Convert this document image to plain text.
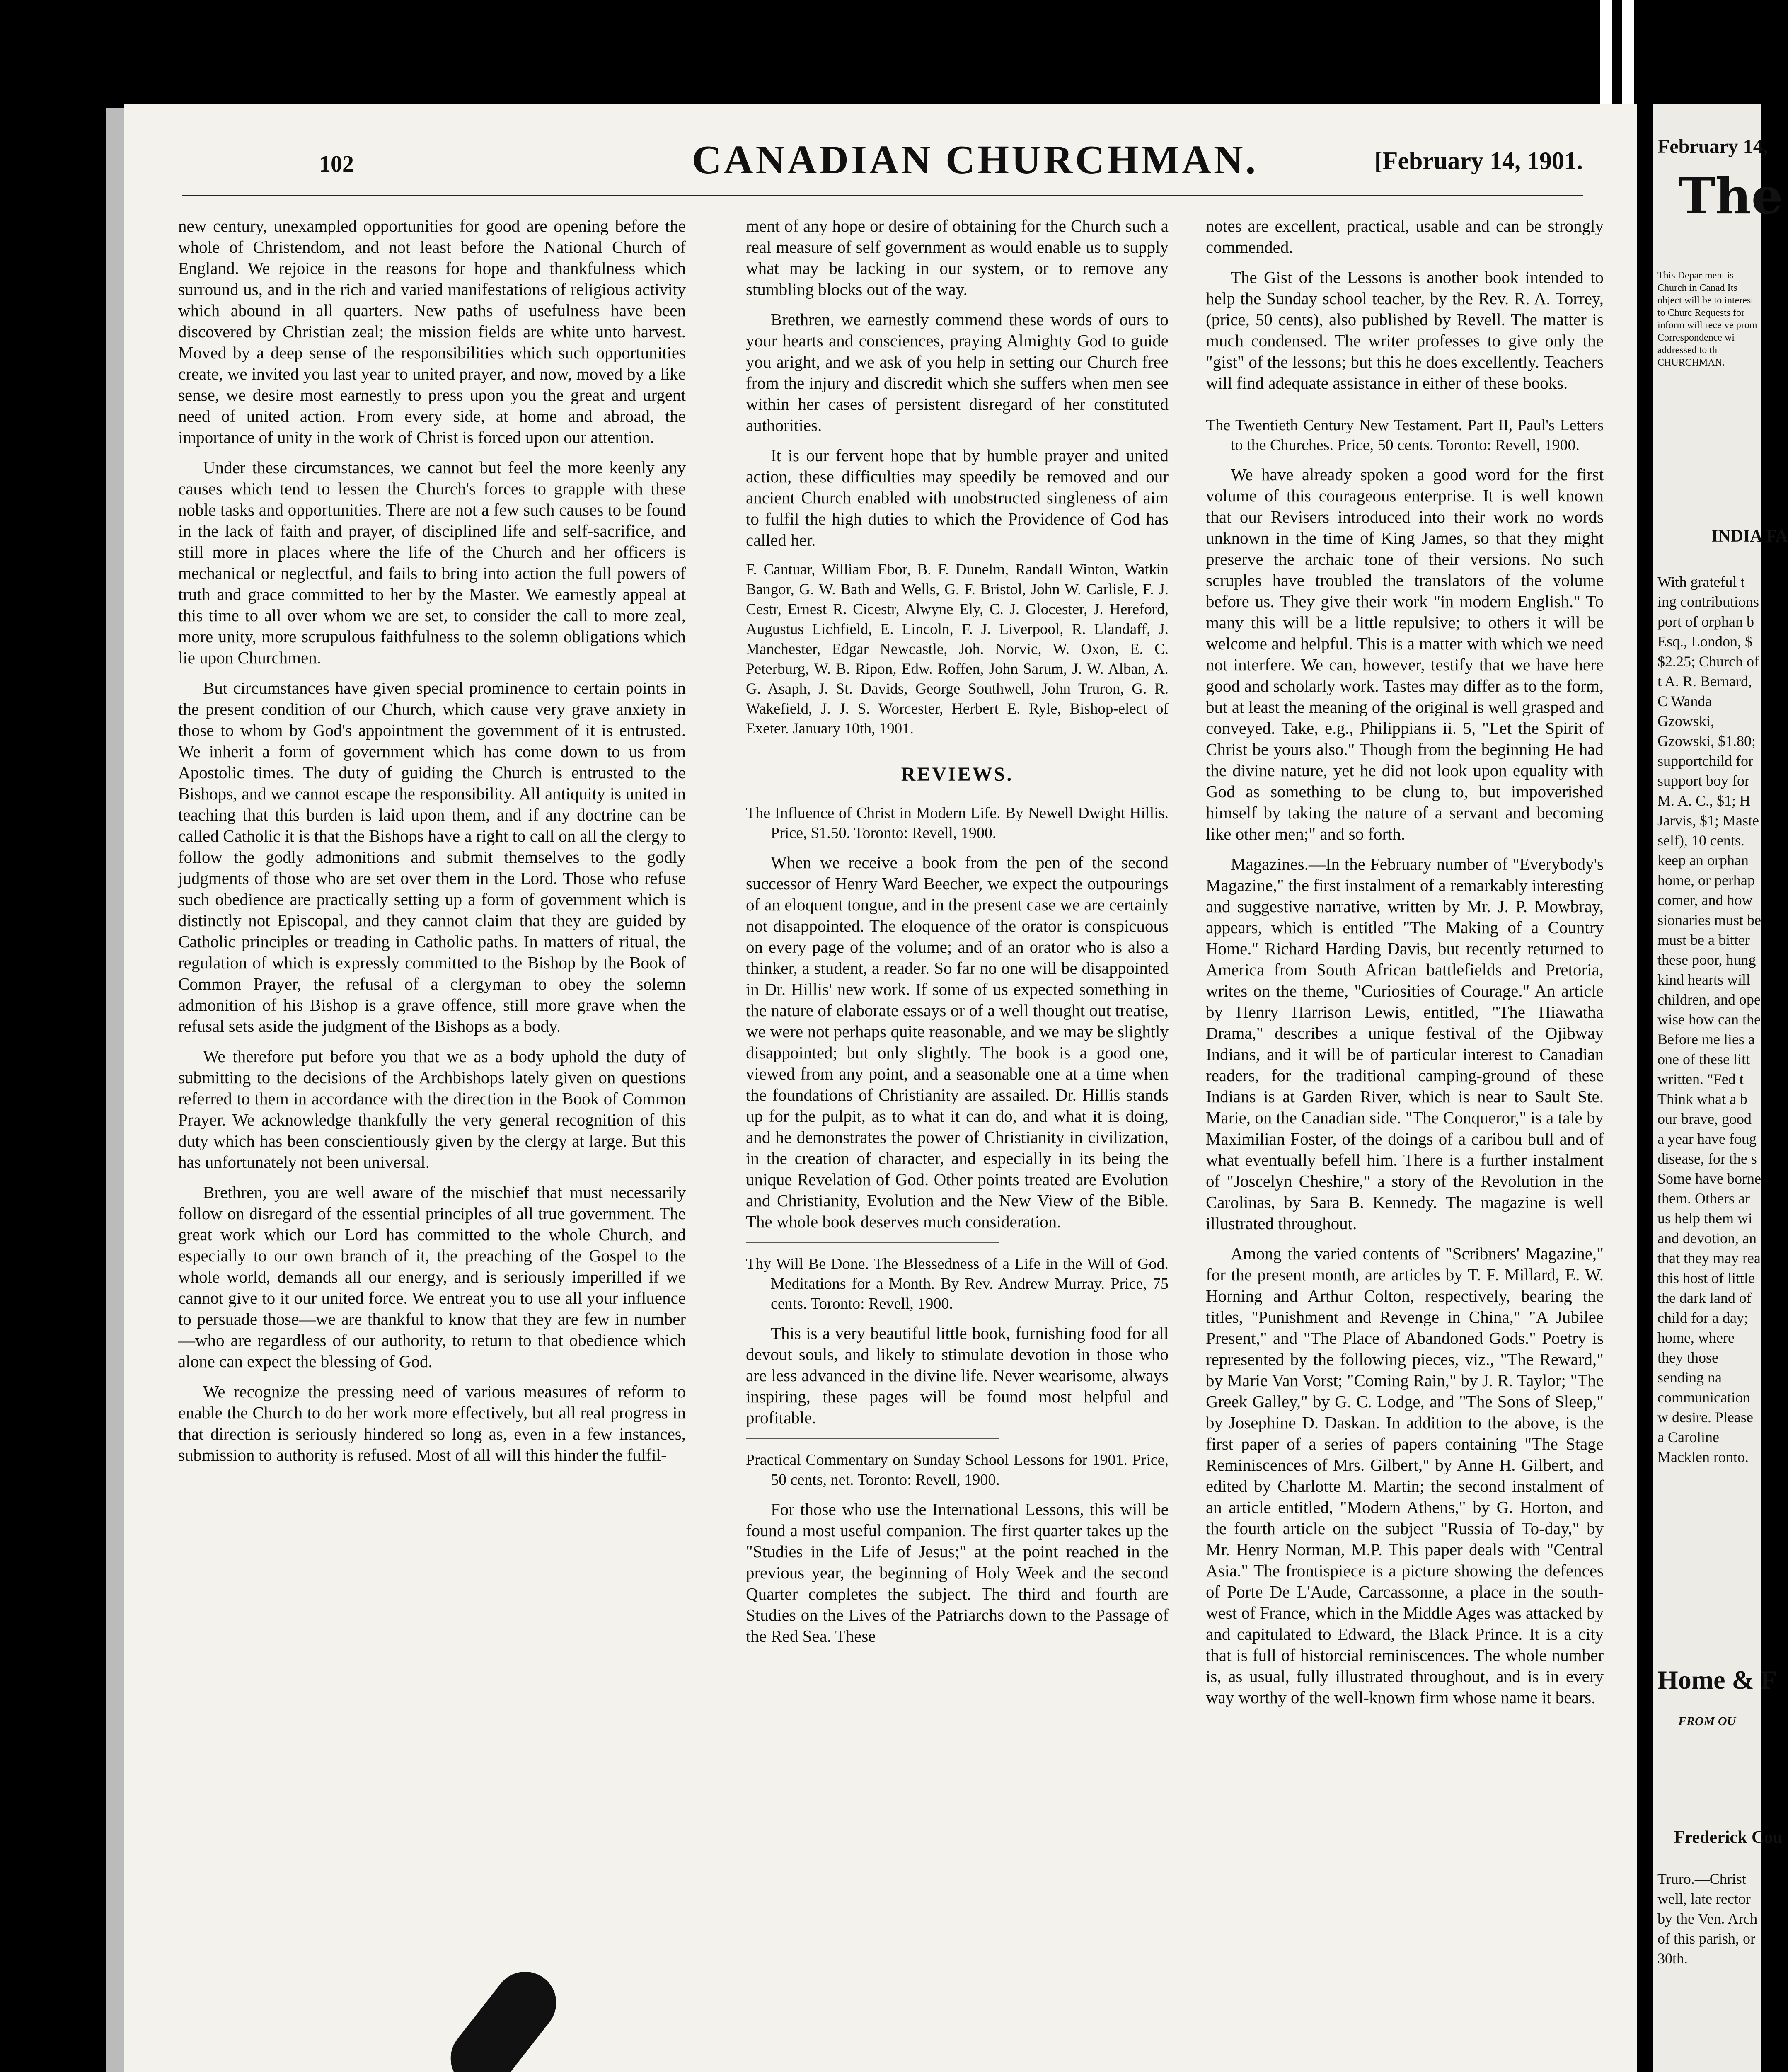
102	CANADIAN CHURCHMAN.	[February 14, 1901.

new century, unexampled opportunities for good are opening before the whole of Christendom, and not least before the National Church of England. We rejoice in the reasons for hope and thankfulness which surround us, and in the rich and varied manifestations of religious activity which abound in all quarters. New paths of usefulness have been discovered by Christian zeal; the mission fields are white unto harvest. Moved by a deep sense of the responsibilities which such opportunities create, we invited you last year to united prayer, and now, moved by a like sense, we desire most earnestly to press upon you the great and urgent need of united action. From every side, at home and abroad, the importance of unity in the work of Christ is forced upon our attention.

Under these circumstances, we cannot but feel the more keenly any causes which tend to lessen the Church's forces to grapple with these noble tasks and opportunities. There are not a few such causes to be found in the lack of faith and prayer, of disciplined life and self-sacrifice, and still more in places where the life of the Church and her officers is mechanical or neglectful, and fails to bring into action the full powers of truth and grace committed to her by the Master. We earnestly appeal at this time to all over whom we are set, to consider the call to more zeal, more unity, more scrupulous faithfulness to the solemn obligations which lie upon Churchmen.

But circumstances have given special prominence to certain points in the present condition of our Church, which cause very grave anxiety in those to whom by God's appointment the government of it is entrusted. We inherit a form of government which has come down to us from Apostolic times. The duty of guiding the Church is entrusted to the Bishops, and we cannot escape the responsibility. All antiquity is united in teaching that this burden is laid upon them, and if any doctrine can be called Catholic it is that the Bishops have a right to call on all the clergy to follow the godly admonitions and submit themselves to the godly judgments of those who are set over them in the Lord. Those who refuse such obedience are practically setting up a form of government which is distinctly not Episcopal, and they cannot claim that they are guided by Catholic principles or treading in Catholic paths. In matters of ritual, the regulation of which is expressly committed to the Bishop by the Book of Common Prayer, the refusal of a clergyman to obey the solemn admonition of his Bishop is a grave offence, still more grave when the refusal sets aside the judgment of the Bishops as a body.

We therefore put before you that we as a body uphold the duty of submitting to the decisions of the Archbishops lately given on questions referred to them in accordance with the direction in the Book of Common Prayer. We acknowledge thankfully the very general recognition of this duty which has been conscientiously given by the clergy at large. But this has unfortunately not been universal.

Brethren, you are well aware of the mischief that must necessarily follow on disregard of the essential principles of all true government. The great work which our Lord has committed to the whole Church, and especially to our own branch of it, the preaching of the Gospel to the whole world, demands all our energy, and is seriously imperilled if we cannot give to it our united force. We entreat you to use all your influence to persuade those—we are thankful to know that they are few in number—who are regardless of our authority, to return to that obedience which alone can expect the blessing of God.

We recognize the pressing need of various measures of reform to enable the Church to do her work more effectively, but all real progress in that direction is seriously hindered so long as, even in a few instances, submission to authority is refused. Most of all will this hinder the fulfil-

ment of any hope or desire of obtaining for the Church such a real measure of self government as would enable us to supply what may be lacking in our system, or to remove any stumbling blocks out of the way.

Brethren, we earnestly commend these words of ours to your hearts and consciences, praying Almighty God to guide you aright, and we ask of you help in setting our Church free from the injury and discredit which she suffers when men see within her cases of persistent disregard of her constituted authorities.

It is our fervent hope that by humble prayer and united action, these difficulties may speedily be removed and our ancient Church enabled with unobstructed singleness of aim to fulfil the high duties to which the Providence of God has called her.

F. Cantuar, William Ebor, B. F. Dunelm, Randall Winton, Watkin Bangor, G. W. Bath and Wells, G. F. Bristol, John W. Carlisle, F. J. Cestr, Ernest R. Cicestr, Alwyne Ely, C. J. Glocester, J. Hereford, Augustus Lichfield, E. Lincoln, F. J. Liverpool, R. Llandaff, J. Manchester, Edgar Newcastle, Joh. Norvic, W. Oxon, E. C. Peterburg, W. B. Ripon, Edw. Roffen, John Sarum, J. W. Alban, A. G. Asaph, J. St. Davids, George Southwell, John Truron, G. R. Wakefield, J. J. S. Worcester, Herbert E. Ryle, Bishop-elect of Exeter. January 10th, 1901.

REVIEWS.

The Influence of Christ in Modern Life. By Newell Dwight Hillis. Price, $1.50. Toronto: Revell, 1900.

When we receive a book from the pen of the second successor of Henry Ward Beecher, we expect the outpourings of an eloquent tongue, and in the present case we are certainly not disappointed. The eloquence of the orator is conspicuous on every page of the volume; and of an orator who is also a thinker, a student, a reader. So far no one will be disappointed in Dr. Hillis' new work. If some of us expected something in the nature of elaborate essays or of a well thought out treatise, we were not perhaps quite reasonable, and we may be slightly disappointed; but only slightly. The book is a good one, viewed from any point, and a seasonable one at a time when the foundations of Christianity are assailed. Dr. Hillis stands up for the pulpit, as to what it can do, and what it is doing, and he demonstrates the power of Christianity in civilization, in the creation of character, and especially in its being the unique Revelation of God. Other points treated are Evolution and Christianity, Evolution and the New View of the Bible. The whole book deserves much consideration.

Thy Will Be Done. The Blessedness of a Life in the Will of God. Meditations for a Month. By Rev. Andrew Murray. Price, 75 cents. Toronto: Revell, 1900.

This is a very beautiful little book, furnishing food for all devout souls, and likely to stimulate devotion in those who are less advanced in the divine life. Never wearisome, always inspiring, these pages will be found most helpful and profitable.

Practical Commentary on Sunday School Lessons for 1901. Price, 50 cents, net. Toronto: Revell, 1900.

For those who use the International Lessons, this will be found a most useful companion. The first quarter takes up the "Studies in the Life of Jesus;" at the point reached in the previous year, the beginning of Holy Week and the second Quarter completes the subject. The third and fourth are Studies on the Lives of the Patriarchs down to the Passage of the Red Sea. These

notes are excellent, practical, usable and can be strongly commended.

The Gist of the Lessons is another book intended to help the Sunday school teacher, by the Rev. R. A. Torrey, (price, 50 cents), also published by Revell. The matter is much condensed. The writer professes to give only the "gist" of the lessons; but this he does excellently. Teachers will find adequate assistance in either of these books.

The Twentieth Century New Testament. Part II, Paul's Letters to the Churches. Price, 50 cents. Toronto: Revell, 1900.

We have already spoken a good word for the first volume of this courageous enterprise. It is well known that our Revisers introduced into their work no words unknown in the time of King James, so that they might preserve the archaic tone of their versions. No such scruples have troubled the translators of the volume before us. They give their work "in modern English." To many this will be a little repulsive; to others it will be welcome and helpful. This is a matter with which we need not interfere. We can, however, testify that we have here good and scholarly work. Tastes may differ as to the form, but at least the meaning of the original is well grasped and conveyed. Take, e.g., Philippians ii. 5, "Let the Spirit of Christ be yours also." Though from the beginning He had the divine nature, yet he did not look upon equality with God as something to be clung to, but impoverished himself by taking the nature of a servant and becoming like other men;" and so forth.

Magazines.—In the February number of "Everybody's Magazine," the first instalment of a remarkably interesting and suggestive narrative, written by Mr. J. P. Mowbray, appears, which is entitled "The Making of a Country Home." Richard Harding Davis, but recently returned to America from South African battlefields and Pretoria, writes on the theme, "Curiosities of Courage." An article by Henry Harrison Lewis, entitled, "The Hiawatha Drama," describes a unique festival of the Ojibway Indians, and it will be of particular interest to Canadian readers, for the traditional camping-ground of these Indians is at Garden River, which is near to Sault Ste. Marie, on the Canadian side. "The Conqueror," is a tale by Maximilian Foster, of the doings of a caribou bull and of what eventually befell him. There is a further instalment of "Joscelyn Cheshire," a story of the Revolution in the Carolinas, by Sara B. Kennedy. The magazine is well illustrated throughout.

Among the varied contents of "Scribners' Magazine," for the present month, are articles by T. F. Millard, E. W. Horning and Arthur Colton, respectively, bearing the titles, "Punishment and Revenge in China," "A Jubilee Present," and "The Place of Abandoned Gods." Poetry is represented by the following pieces, viz., "The Reward," by Marie Van Vorst; "Coming Rain," by J. R. Taylor; "The Greek Galley," by G. C. Lodge, and "The Sons of Sleep," by Josephine D. Daskan. In addition to the above, is the first paper of a series of papers containing "The Stage Reminiscences of Mrs. Gilbert," by Anne H. Gilbert, and edited by Charlotte M. Martin; the second instalment of an article entitled, "Modern Athens," by G. Horton, and the fourth article on the subject "Russia of To-day," by Mr. Henry Norman, M.P. This paper deals with "Central Asia." The frontispiece is a picture showing the defences of Porte De L'Aude, Carcassonne, a place in the south-west of France, which in the Middle Ages was attacked by and capitulated to Edward, the Black Prince. It is a city that is full of historcial reminiscences. The whole number is, as usual, fully illustrated throughout, and is in every way worthy of the well-known firm whose name it bears.

February 14,
The
This Department is Church in Canad Its object will be to interest to Churc Requests for inform will receive prom Correspondence wi addressed to th CHURCHMAN.
INDIA FA
With grateful t ing contributions port of orphan b Esq., London, $ $2.25; Church of t A. R. Bernard, C Wanda Gzowski, Gzowski, $1.80; supportchild for support boy for M. A. C., $1; H Jarvis, $1; Maste self), 10 cents. keep an orphan home, or perhap comer, and how sionaries must be must be a bitter these poor, hung kind hearts will children, and ope wise how can the Before me lies a one of these litt written. "Fed t Think what a b our brave, good a year have foug disease, for the s Some have borne them. Others ar us help them wi and devotion, an that they may rea this host of little the dark land of child for a day; home, where they those sending na communication w desire. Please a Caroline Macklen ronto.
Home & F
FROM OU
Frederick Cou
Truro.—Christ well, late rector by the Ven. Arch of this parish, or 30th.
